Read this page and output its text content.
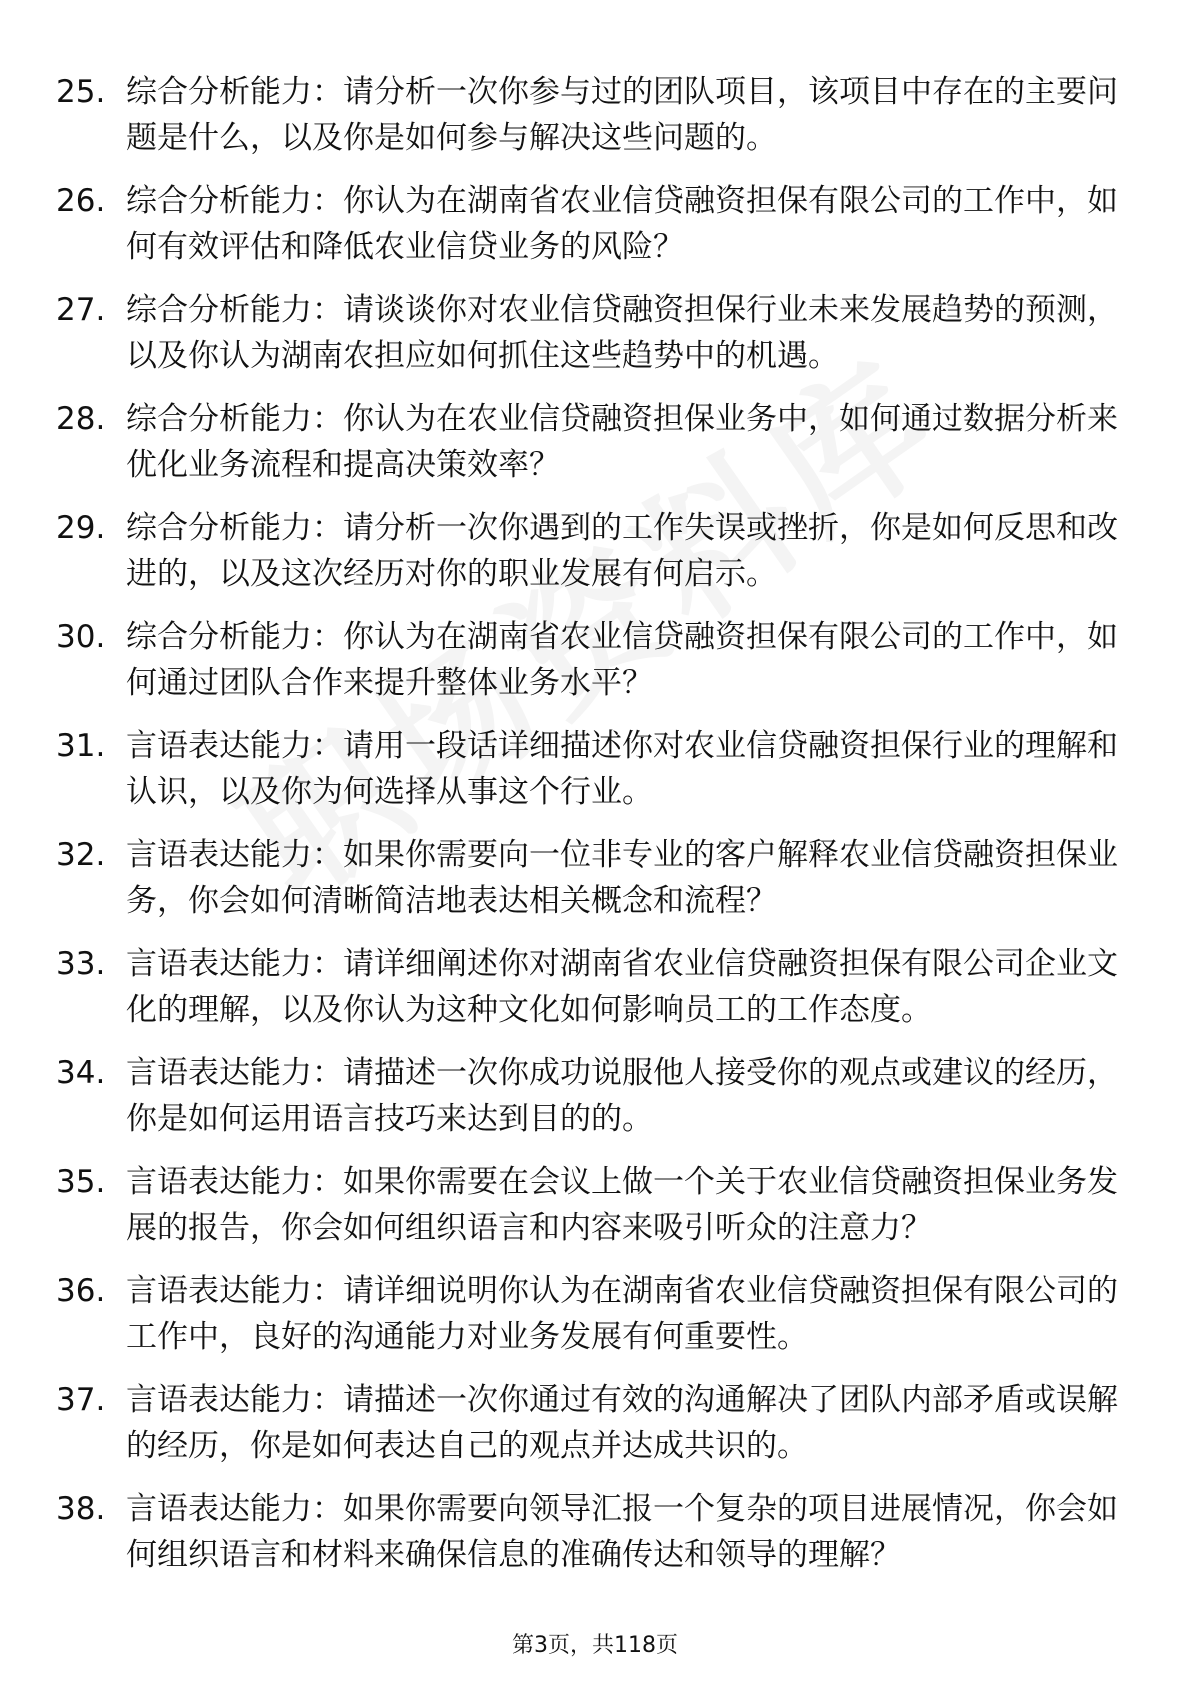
25. 综合分析能力：请分析一次你参与过的团队项目，该项目中存在的主要问题是什么，以及你是如何参与解决这些问题的。
26. 综合分析能力：你认为在湖南省农业信贷融资担保有限公司的工作中，如何有效评估和降低农业信贷业务的风险？
27. 综合分析能力：请谈谈你对农业信贷融资担保行业未来发展趋势的预测，以及你认为湖南农担应如何抓住这些趋势中的机遇。
28. 综合分析能力：你认为在农业信贷融资担保业务中，如何通过数据分析来优化业务流程和提高决策效率？
29. 综合分析能力：请分析一次你遇到的工作失误或挫折，你是如何反思和改进的，以及这次经历对你的职业发展有何启示。
30. 综合分析能力：你认为在湖南省农业信贷融资担保有限公司的工作中，如何通过团队合作来提升整体业务水平？
31. 言语表达能力：请用一段话详细描述你对农业信贷融资担保行业的理解和认识，以及你为何选择从事这个行业。
32. 言语表达能力：如果你需要向一位非专业的客户解释农业信贷融资担保业务，你会如何清晰简洁地表达相关概念和流程？
33. 言语表达能力：请详细阐述你对湖南省农业信贷融资担保有限公司企业文化的理解，以及你认为这种文化如何影响员工的工作态度。
34. 言语表达能力：请描述一次你成功说服他人接受你的观点或建议的经历，你是如何运用语言技巧来达到目的的。
35. 言语表达能力：如果你需要在会议上做一个关于农业信贷融资担保业务发展的报告，你会如何组织语言和内容来吸引听众的注意力？
36. 言语表达能力：请详细说明你认为在湖南省农业信贷融资担保有限公司的工作中，良好的沟通能力对业务发展有何重要性。
37. 言语表达能力：请描述一次你通过有效的沟通解决了团队内部矛盾或误解的经历，你是如何表达自己的观点并达成共识的。
38. 言语表达能力：如果你需要向领导汇报一个复杂的项目进展情况，你会如何组织语言和材料来确保信息的准确传达和领导的理解？
第3页，共118页
